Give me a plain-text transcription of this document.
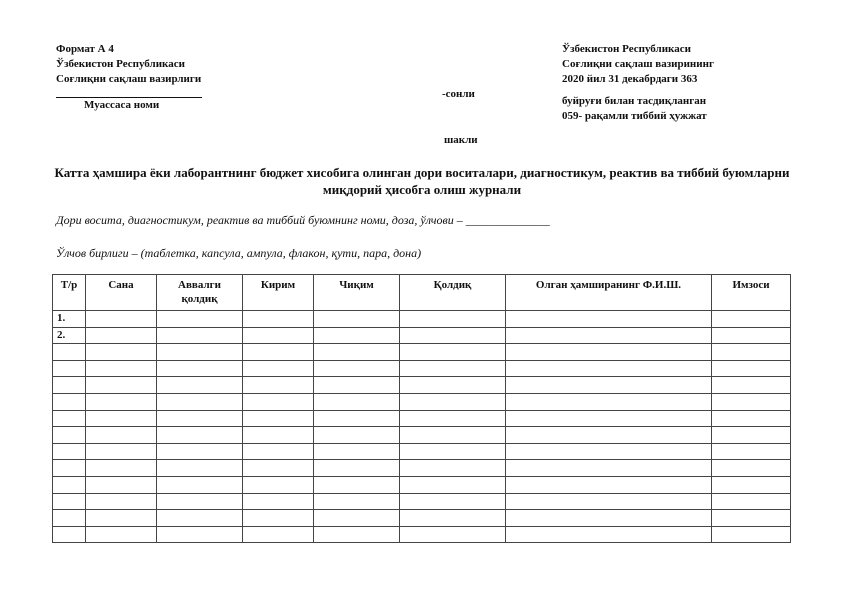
Формат А 4
Ўзбекистон Республикаси
Соғлиқни сақлаш вазирлиги
Муассаса номи
Ўзбекистон Республикаси
Соғлиқни сақлаш вазирининг
2020 йил 31 декабрдаги 363
буйруғи билан тасдиқланган
059- рақамли тиббий ҳужжат
-сонли
шакли
Катта ҳамшира ёки лаборантнинг бюджет хисобига олинган дори воситалари, диагностикум, реактив ва тиббий буюмларни миқдорий ҳисобга олиш журнали
Дори восита, диагностикум, реактив ва тиббий буюмнинг номи, доза, ўлчови – ______________
Ўлчов бирлиги – (таблетка, капсула, ампула, флакон, қути, пара, дона)
Т/р	Сана	Аввалги қолдиқ	Кирим	Чиқим	Қолдиқ	Олган ҳамширанинг Ф.И.Ш.	Имзоси
1.							
2.							
